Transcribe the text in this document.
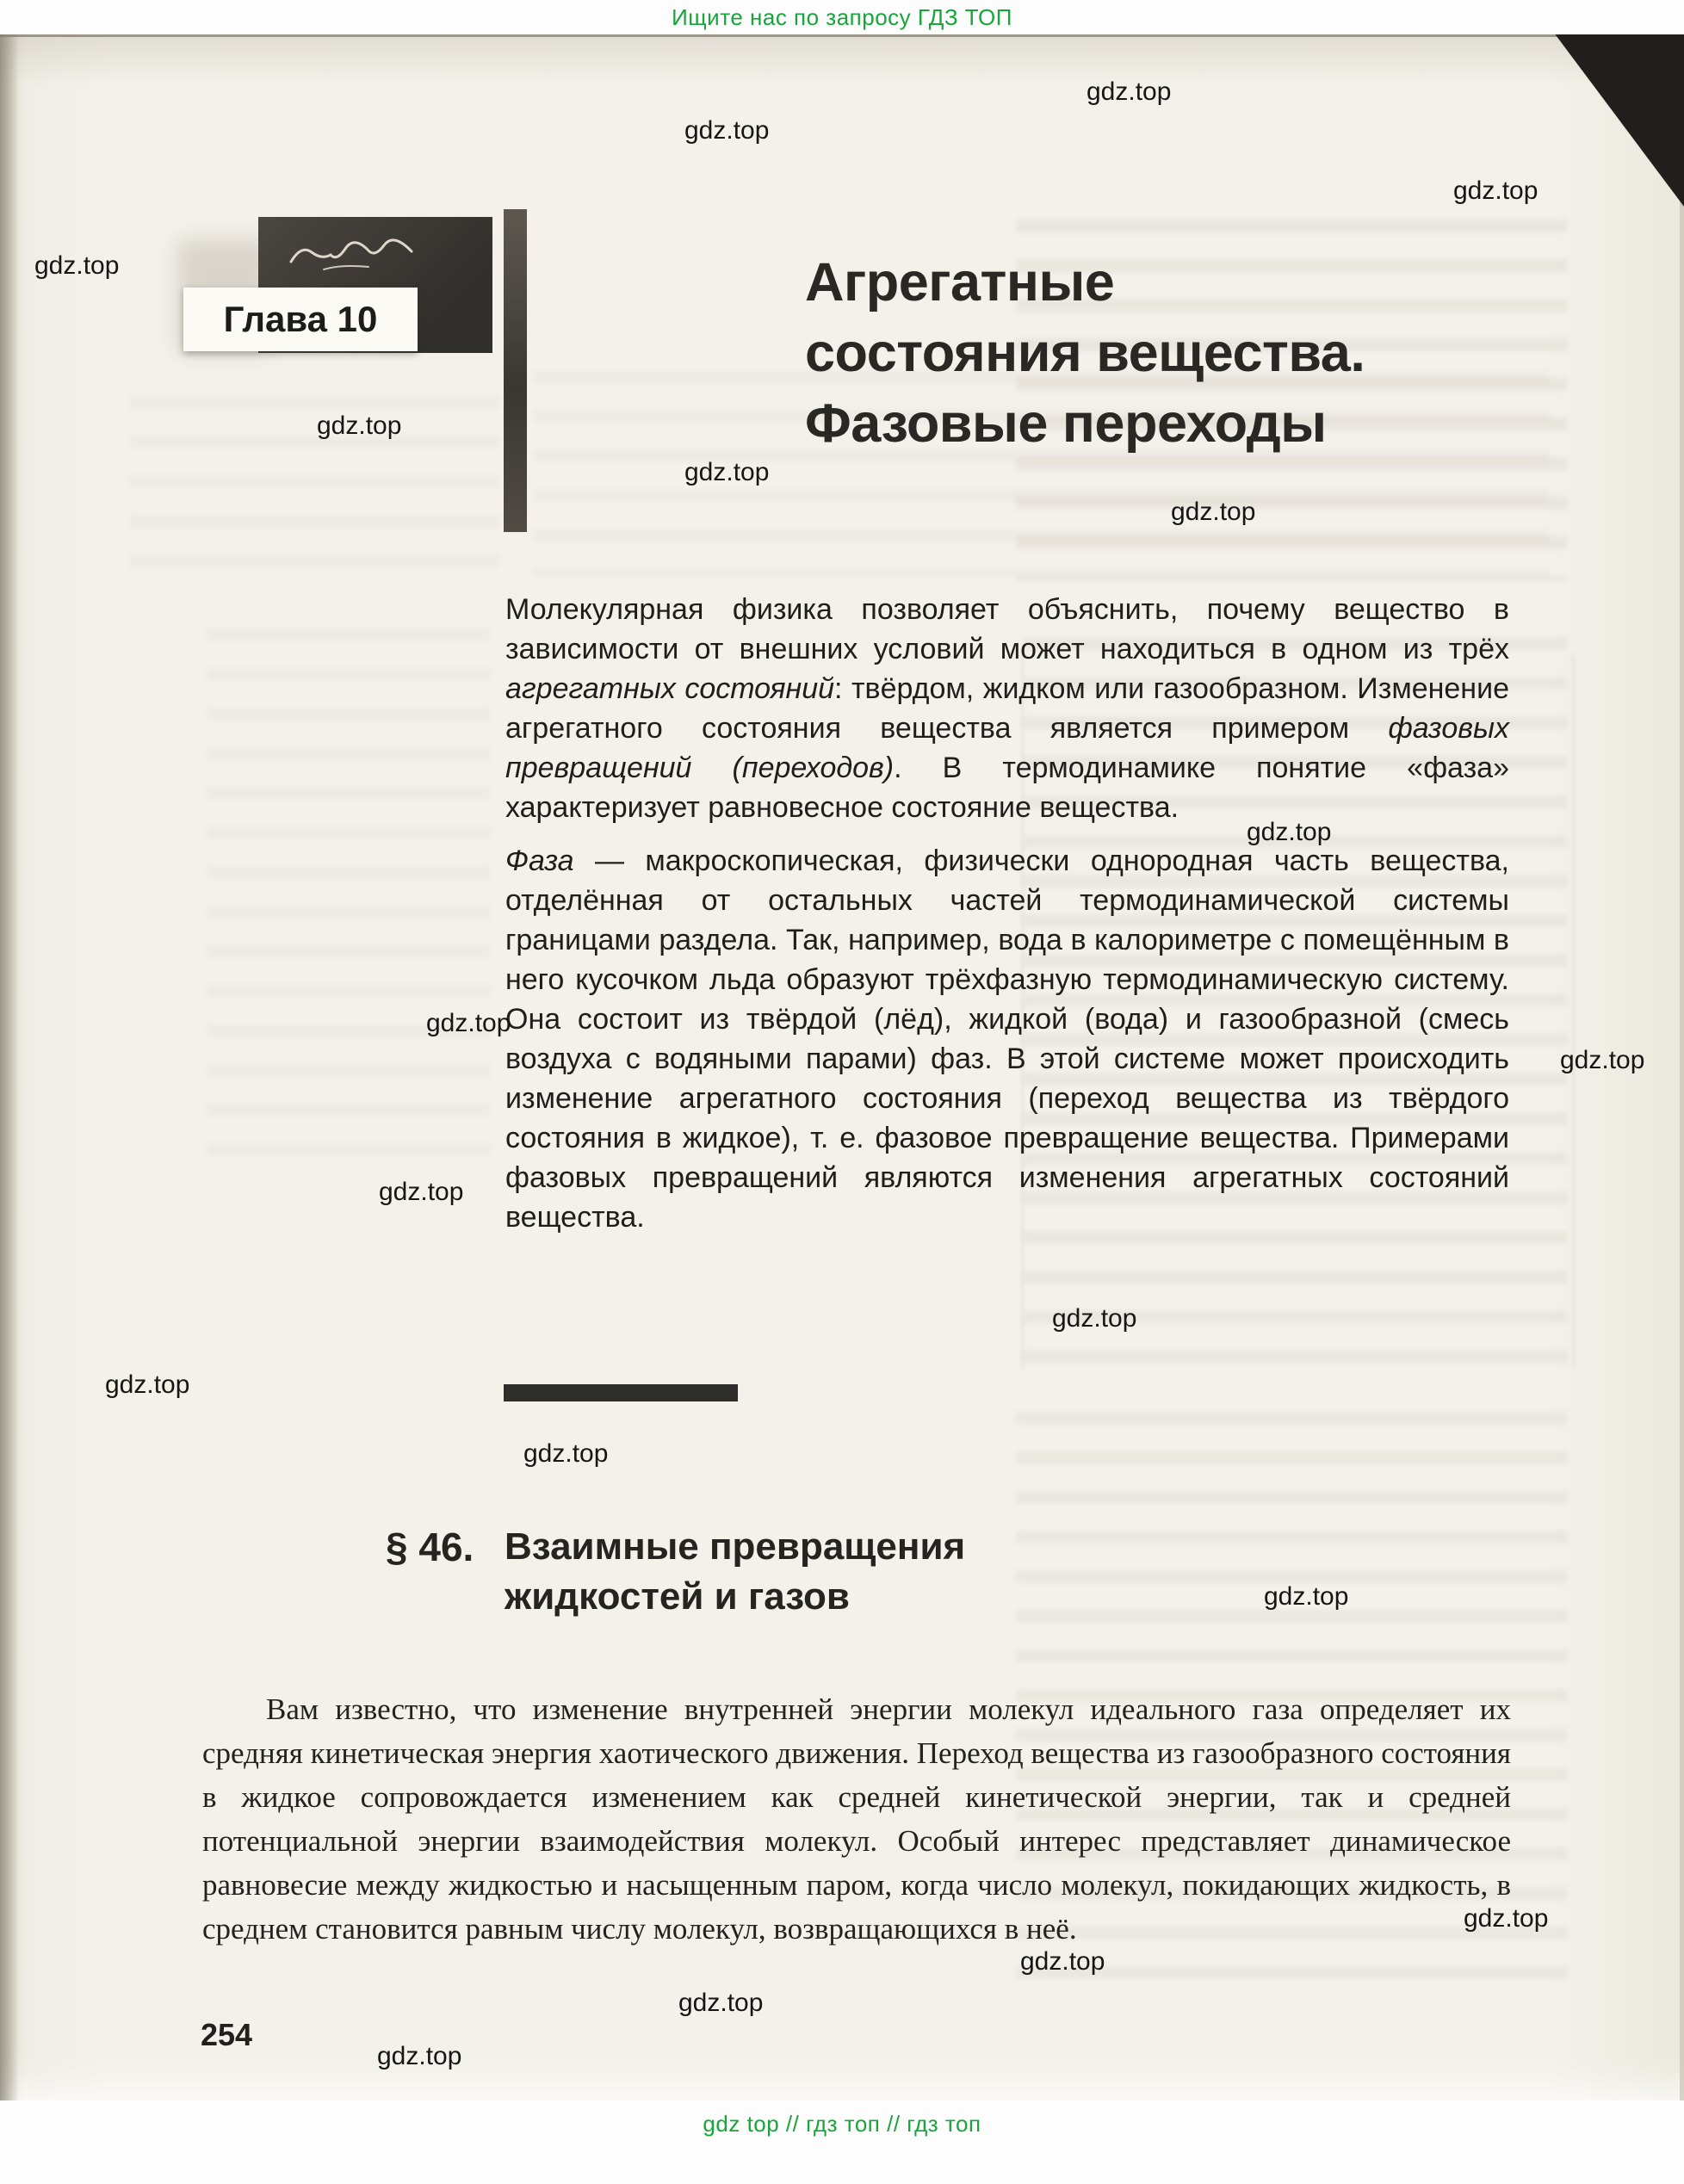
Ищите нас по запросу ГДЗ ТОП
Глава 10
Агрегатные
состояния вещества.
Фазовые переходы

Молекулярная физика позволяет объяснить, почему вещество в зависимости от внешних условий может находиться в одном из трёх агрегатных состояний: твёрдом, жидком или газообразном. Изменение агрегатного состояния вещества является примером фазовых превращений (переходов). В термодинамике понятие «фаза» характеризует равновесное состояние вещества.

Фаза — макроскопическая, физически однородная часть вещества, отделённая от остальных частей термодинамической системы границами раздела. Так, например, вода в калориметре с помещённым в него кусочком льда образуют трёхфазную термодинамическую систему. Она состоит из твёрдой (лёд), жидкой (вода) и газообразной (смесь воздуха с водяными парами) фаз. В этой системе может происходить изменение агрегатного состояния (переход вещества из твёрдого состояния в жидкое), т. е. фазовое превращение вещества. Примерами фазовых превращений являются изменения агрегатных состояний вещества.

§ 46. Взаимные превращения
жидкостей и газов

Вам известно, что изменение внутренней энергии молекул идеального газа определяет их средняя кинетическая энергия хаотического движения. Переход вещества из газообразного состояния в жидкое сопровождается изменением как средней кинетической энергии, так и средней потенциальной энергии взаимодействия молекул. Особый интерес представляет динамическое равновесие между жидкостью и насыщенным паром, когда число молекул, покидающих жидкость, в среднем становится равным числу молекул, возвращающихся в неё.

254
gdz.top
gdz.top
gdz.top
gdz.top
gdz.top
gdz.top
gdz.top
gdz.top
gdz.top
gdz.top
gdz.top
gdz.top
gdz.top
gdz.top
gdz.top
gdz.top
gdz.top
gdz.top
gdz.top
gdz top // гдз топ // гдз топ
